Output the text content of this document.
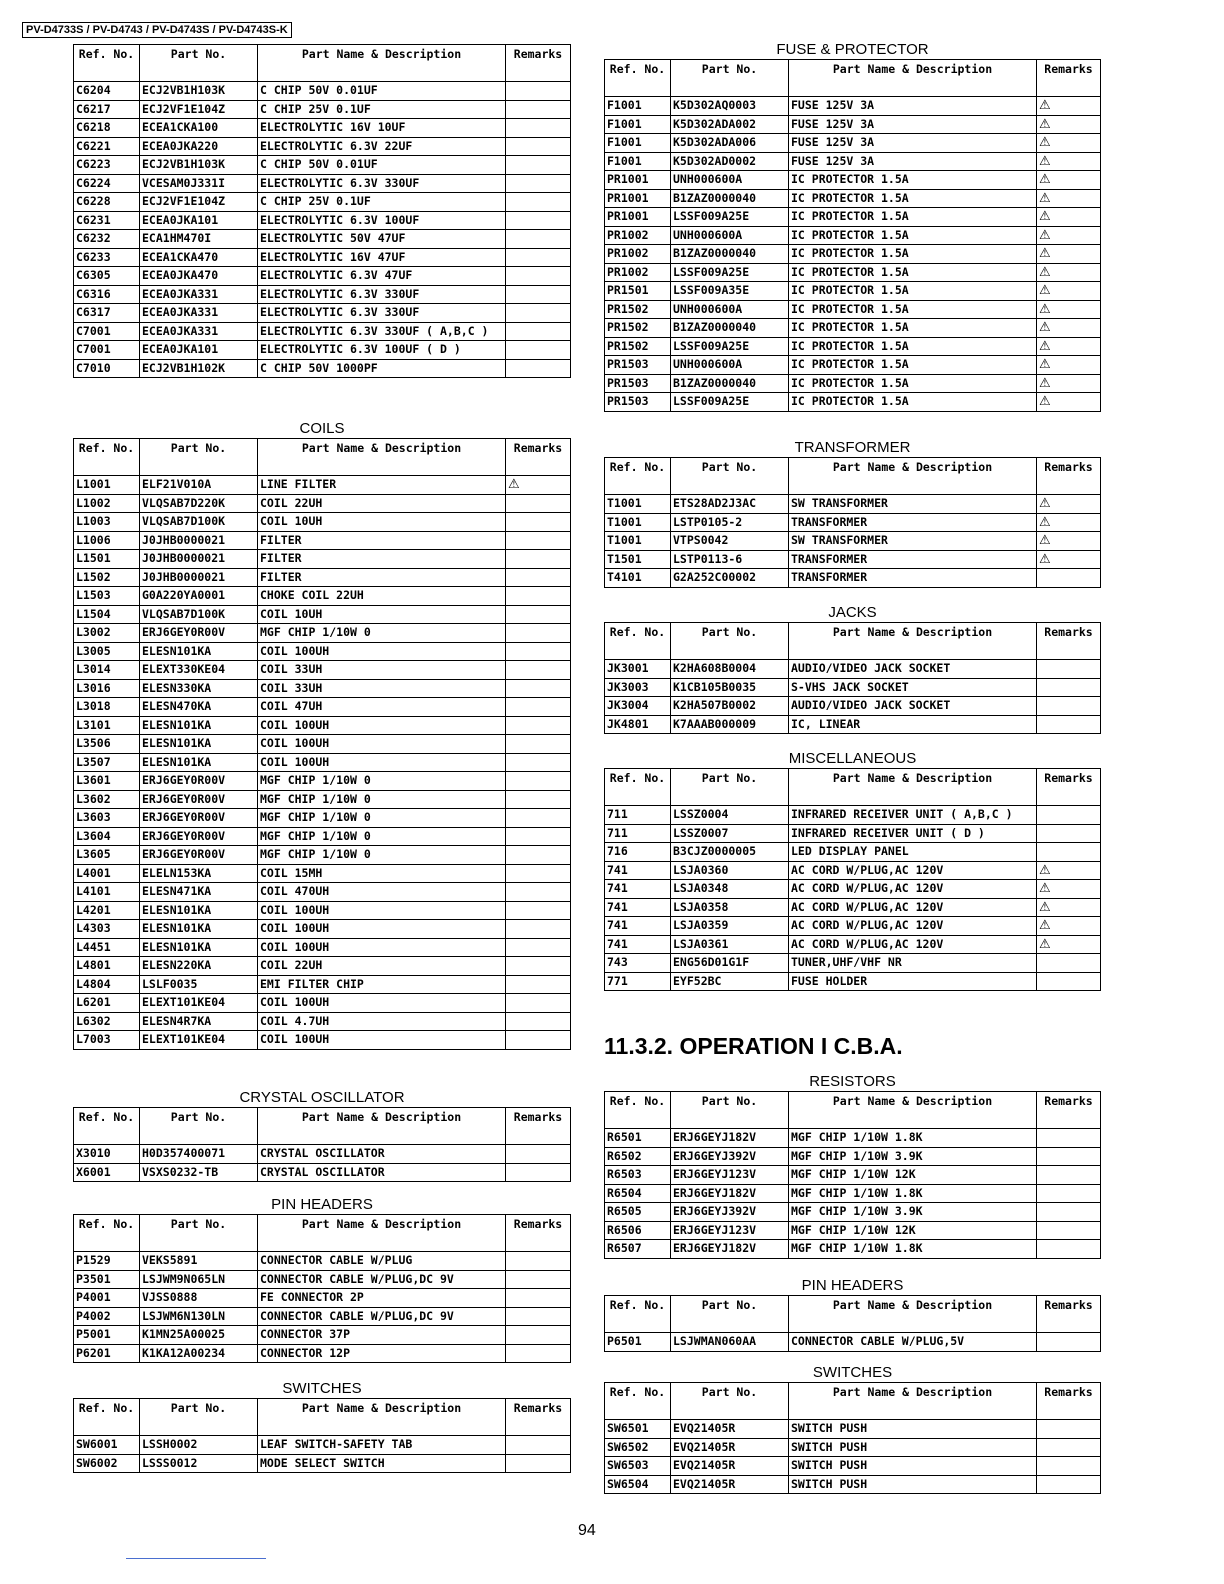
PV-D4733S / PV-D4743 / PV-D4743S / PV-D4743S-K
Ref. No.	Part No.	Part Name & Description	Remarks
C6204	ECJ2VB1H103K	C CHIP 50V 0.01UF	
C6217	ECJ2VF1E104Z	C CHIP 25V 0.1UF	
C6218	ECEA1CKA100	ELECTROLYTIC 16V 10UF	
C6221	ECEA0JKA220	ELECTROLYTIC 6.3V 22UF	
C6223	ECJ2VB1H103K	C CHIP 50V 0.01UF	
C6224	VCESAM0J331I	ELECTROLYTIC 6.3V 330UF	
C6228	ECJ2VF1E104Z	C CHIP 25V 0.1UF	
C6231	ECEA0JKA101	ELECTROLYTIC 6.3V 100UF	
C6232	ECA1HM470I	ELECTROLYTIC 50V 47UF	
C6233	ECEA1CKA470	ELECTROLYTIC 16V 47UF	
C6305	ECEA0JKA470	ELECTROLYTIC 6.3V 47UF	
C6316	ECEA0JKA331	ELECTROLYTIC 6.3V 330UF	
C6317	ECEA0JKA331	ELECTROLYTIC 6.3V 330UF	
C7001	ECEA0JKA331	ELECTROLYTIC 6.3V 330UF ( A,B,C )	
C7001	ECEA0JKA101	ELECTROLYTIC 6.3V 100UF ( D )	
C7010	ECJ2VB1H102K	C CHIP 50V 1000PF	
COILS
Ref. No.	Part No.	Part Name & Description	Remarks
L1001	ELF21V010A	LINE FILTER	⚠
L1002	VLQSAB7D220K	COIL 22UH	
L1003	VLQSAB7D100K	COIL 10UH	
L1006	J0JHB0000021	FILTER	
L1501	J0JHB0000021	FILTER	
L1502	J0JHB0000021	FILTER	
L1503	G0A220YA0001	CHOKE COIL 22UH	
L1504	VLQSAB7D100K	COIL 10UH	
L3002	ERJ6GEY0R00V	MGF CHIP 1/10W 0	
L3005	ELESN101KA	COIL 100UH	
L3014	ELEXT330KE04	COIL 33UH	
L3016	ELESN330KA	COIL 33UH	
L3018	ELESN470KA	COIL 47UH	
L3101	ELESN101KA	COIL 100UH	
L3506	ELESN101KA	COIL 100UH	
L3507	ELESN101KA	COIL 100UH	
L3601	ERJ6GEY0R00V	MGF CHIP 1/10W 0	
L3602	ERJ6GEY0R00V	MGF CHIP 1/10W 0	
L3603	ERJ6GEY0R00V	MGF CHIP 1/10W 0	
L3604	ERJ6GEY0R00V	MGF CHIP 1/10W 0	
L3605	ERJ6GEY0R00V	MGF CHIP 1/10W 0	
L4001	ELELN153KA	COIL 15MH	
L4101	ELESN471KA	COIL 470UH	
L4201	ELESN101KA	COIL 100UH	
L4303	ELESN101KA	COIL 100UH	
L4451	ELESN101KA	COIL 100UH	
L4801	ELESN220KA	COIL 22UH	
L4804	LSLF0035	EMI FILTER CHIP	
L6201	ELEXT101KE04	COIL 100UH	
L6302	ELESN4R7KA	COIL 4.7UH	
L7003	ELEXT101KE04	COIL 100UH	
CRYSTAL OSCILLATOR
Ref. No.	Part No.	Part Name & Description	Remarks
X3010	H0D357400071	CRYSTAL OSCILLATOR	
X6001	VSXS0232-TB	CRYSTAL OSCILLATOR	
PIN HEADERS
Ref. No.	Part No.	Part Name & Description	Remarks
P1529	VEKS5891	CONNECTOR CABLE W/PLUG	
P3501	LSJWM9N065LN	CONNECTOR CABLE W/PLUG,DC 9V	
P4001	VJSS0888	FE CONNECTOR 2P	
P4002	LSJWM6N130LN	CONNECTOR CABLE W/PLUG,DC 9V	
P5001	K1MN25A00025	CONNECTOR 37P	
P6201	K1KA12A00234	CONNECTOR 12P	
SWITCHES
Ref. No.	Part No.	Part Name & Description	Remarks
SW6001	LSSH0002	LEAF SWITCH-SAFETY TAB	
SW6002	LSSS0012	MODE SELECT SWITCH	
FUSE & PROTECTOR
Ref. No.	Part No.	Part Name & Description	Remarks
F1001	K5D302AQ0003	FUSE 125V 3A	⚠
F1001	K5D302ADA002	FUSE 125V 3A	⚠
F1001	K5D302ADA006	FUSE 125V 3A	⚠
F1001	K5D302AD0002	FUSE 125V 3A	⚠
PR1001	UNH000600A	IC PROTECTOR 1.5A	⚠
PR1001	B1ZAZ0000040	IC PROTECTOR 1.5A	⚠
PR1001	LSSF009A25E	IC PROTECTOR 1.5A	⚠
PR1002	UNH000600A	IC PROTECTOR 1.5A	⚠
PR1002	B1ZAZ0000040	IC PROTECTOR 1.5A	⚠
PR1002	LSSF009A25E	IC PROTECTOR 1.5A	⚠
PR1501	LSSF009A35E	IC PROTECTOR 1.5A	⚠
PR1502	UNH000600A	IC PROTECTOR 1.5A	⚠
PR1502	B1ZAZ0000040	IC PROTECTOR 1.5A	⚠
PR1502	LSSF009A25E	IC PROTECTOR 1.5A	⚠
PR1503	UNH000600A	IC PROTECTOR 1.5A	⚠
PR1503	B1ZAZ0000040	IC PROTECTOR 1.5A	⚠
PR1503	LSSF009A25E	IC PROTECTOR 1.5A	⚠
TRANSFORMER
Ref. No.	Part No.	Part Name & Description	Remarks
T1001	ETS28AD2J3AC	SW TRANSFORMER	⚠
T1001	LSTP0105-2	TRANSFORMER	⚠
T1001	VTPS0042	SW TRANSFORMER	⚠
T1501	LSTP0113-6	TRANSFORMER	⚠
T4101	G2A252C00002	TRANSFORMER	
JACKS
Ref. No.	Part No.	Part Name & Description	Remarks
JK3001	K2HA608B0004	AUDIO/VIDEO JACK SOCKET	
JK3003	K1CB105B0035	S-VHS JACK SOCKET	
JK3004	K2HA507B0002	AUDIO/VIDEO JACK SOCKET	
JK4801	K7AAAB000009	IC, LINEAR	
MISCELLANEOUS
Ref. No.	Part No.	Part Name & Description	Remarks
711	LSSZ0004	INFRARED RECEIVER UNIT ( A,B,C )	
711	LSSZ0007	INFRARED RECEIVER UNIT ( D )	
716	B3CJZ0000005	LED DISPLAY PANEL	
741	LSJA0360	AC CORD W/PLUG,AC 120V	⚠
741	LSJA0348	AC CORD W/PLUG,AC 120V	⚠
741	LSJA0358	AC CORD W/PLUG,AC 120V	⚠
741	LSJA0359	AC CORD W/PLUG,AC 120V	⚠
741	LSJA0361	AC CORD W/PLUG,AC 120V	⚠
743	ENG56D01G1F	TUNER,UHF/VHF NR	
771	EYF52BC	FUSE HOLDER	
11.3.2. OPERATION I C.B.A.
RESISTORS
Ref. No.	Part No.	Part Name & Description	Remarks
R6501	ERJ6GEYJ182V	MGF CHIP 1/10W 1.8K	
R6502	ERJ6GEYJ392V	MGF CHIP 1/10W 3.9K	
R6503	ERJ6GEYJ123V	MGF CHIP 1/10W 12K	
R6504	ERJ6GEYJ182V	MGF CHIP 1/10W 1.8K	
R6505	ERJ6GEYJ392V	MGF CHIP 1/10W 3.9K	
R6506	ERJ6GEYJ123V	MGF CHIP 1/10W 12K	
R6507	ERJ6GEYJ182V	MGF CHIP 1/10W 1.8K	
PIN HEADERS
Ref. No.	Part No.	Part Name & Description	Remarks
P6501	LSJWMAN060AA	CONNECTOR CABLE W/PLUG,5V	
SWITCHES
Ref. No.	Part No.	Part Name & Description	Remarks
SW6501	EVQ21405R	SWITCH PUSH	
SW6502	EVQ21405R	SWITCH PUSH	
SW6503	EVQ21405R	SWITCH PUSH	
SW6504	EVQ21405R	SWITCH PUSH	
94
